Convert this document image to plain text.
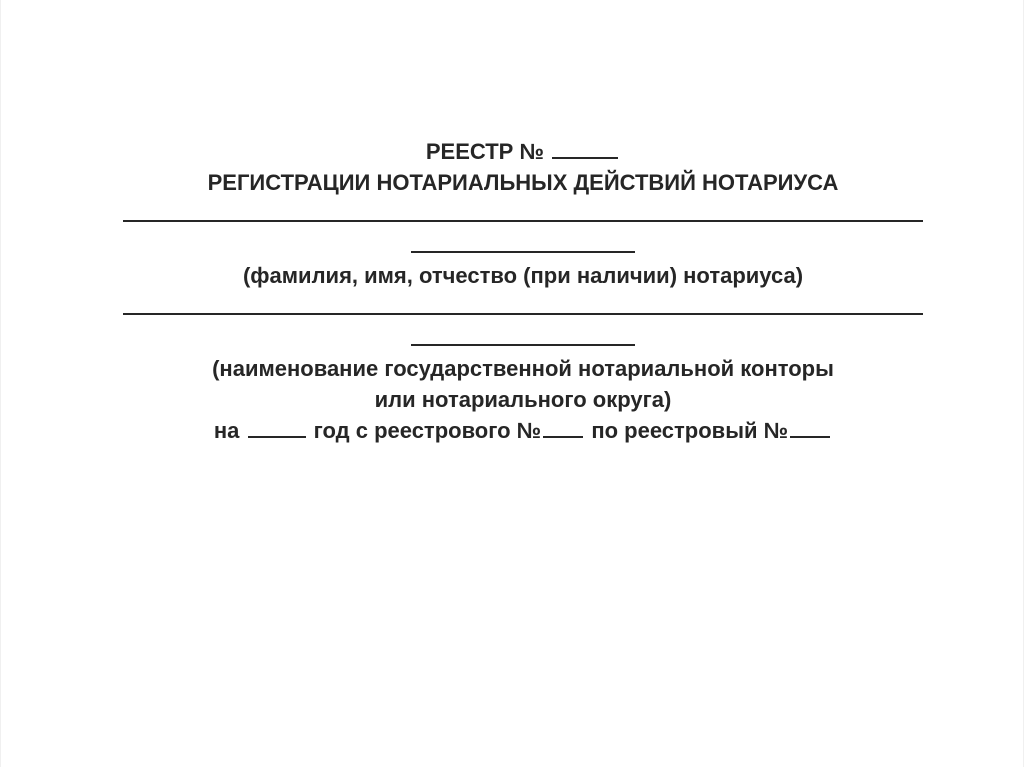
РЕЕСТР №
РЕГИСТРАЦИИ НОТАРИАЛЬНЫХ ДЕЙСТВИЙ НОТАРИУСА
(фамилия, имя, отчество (при наличии) нотариуса)
(наименование государственной нотариальной конторы
или нотариального округа)
на	год с реестрового № по реестровый №
